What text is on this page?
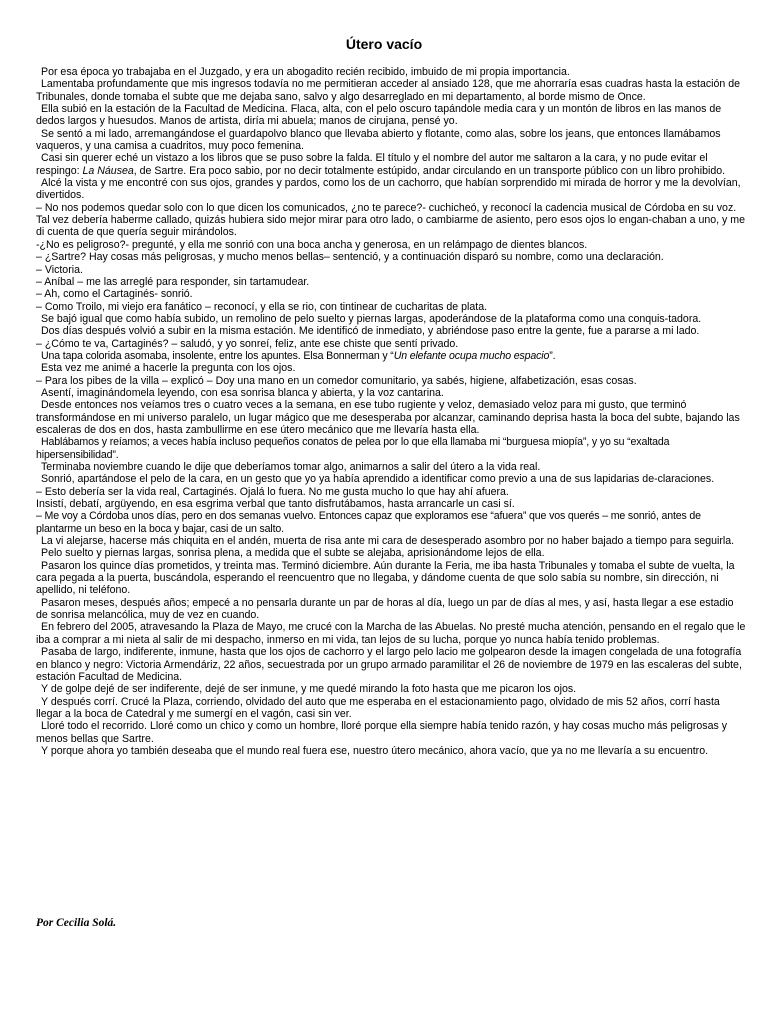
Útero vacío

Por esa época yo trabajaba en el Juzgado, y era un abogadito recién recibido, imbuido de mi propia importancia.

Lamentaba profundamente que mis ingresos todavía no me permitieran acceder al ansiado 128, que me ahorraría esas cuadras hasta la estación de Tribunales, donde tomaba el subte que me dejaba sano, salvo y algo desarreglado en mi departamento, al borde mismo de Once.

Ella subió en la estación de la Facultad de Medicina. Flaca, alta, con el pelo oscuro tapándole media cara y un montón de libros en las manos de dedos largos y huesudos. Manos de artista, diría mi abuela; manos de cirujana, pensé yo.

Se sentó a mi lado, arremangándose el guardapolvo blanco que llevaba abierto y flotante, como alas, sobre los jeans, que entonces llamábamos vaqueros, y una camisa a cuadritos, muy poco femenina.

Casi sin querer eché un vistazo a los libros que se puso sobre la falda. El título y el nombre del autor me saltaron a la cara, y no pude evitar el respingo: La Náusea, de Sartre. Era poco sabio, por no decir totalmente estúpido, andar circulando en un transporte público con un libro prohibido.

Alcé la vista y me encontré con sus ojos, grandes y pardos, como los de un cachorro, que habían sorprendido mi mirada de horror y me la devolvían, divertidos.

– No nos podemos quedar solo con lo que dicen los comunicados, ¿no te parece?- cuchicheó, y reconocí la cadencia musical de Córdoba en su voz.

Tal vez debería haberme callado, quizás hubiera sido mejor mirar para otro lado, o cambiarme de asiento, pero esos ojos lo engan-chaban a uno, y me di cuenta de que quería seguir mirándolos.

-¿No es peligroso?- pregunté, y ella me sonrió con una boca ancha y generosa, en un relámpago de dientes blancos.

– ¿Sartre? Hay cosas más peligrosas, y mucho menos bellas– sentenció, y a continuación disparó su nombre, como una declaración.

– Victoria.

– Aníbal – me las arreglé para responder, sin tartamudear.

– Ah, como el Cartaginés- sonrió.

– Como Troilo, mi viejo era fanático – reconocí, y ella se rio, con tintinear de cucharitas de plata.

Se bajó igual que como había subido, un remolino de pelo suelto y piernas largas, apoderándose de la plataforma como una conquis-tadora.

Dos días después volvió a subir en la misma estación. Me identificó de inmediato, y abriéndose paso entre la gente, fue a pararse a mi lado.

– ¿Cómo te va, Cartaginés? – saludó, y yo sonreí, feliz, ante ese chiste que sentí privado.

Una tapa colorida asomaba, insolente, entre los apuntes. Elsa Bonnerman y “Un elefante ocupa mucho espacio”.

Esta vez me animé a hacerle la pregunta con los ojos.

– Para los pibes de la villa – explicó – Doy una mano en un comedor comunitario, ya sabés, higiene, alfabetización, esas cosas.

Asentí, imaginándomela leyendo, con esa sonrisa blanca y abierta, y la voz cantarina.

Desde entonces nos veíamos tres o cuatro veces a la semana, en ese tubo rugiente y veloz, demasiado veloz para mi gusto, que terminó transformándose en mi universo paralelo, un lugar mágico que me desesperaba por alcanzar, caminando deprisa hasta la boca del subte, bajando las escaleras de dos en dos, hasta zambullirme en ese útero mecánico que me llevaría hasta ella.

Hablábamos y reíamos; a veces había incluso pequeños conatos de pelea por lo que ella llamaba mi “burguesa miopía”, y yo su “exaltada hipersensibilidad”.

Terminaba noviembre cuando le dije que deberíamos tomar algo, animarnos a salir del útero a la vida real.

Sonrió, apartándose el pelo de la cara, en un gesto que yo ya había aprendido a identificar como previo a una de sus lapidarias de-claraciones.

– Esto debería ser la vida real, Cartaginés. Ojalá lo fuera. No me gusta mucho lo que hay ahí afuera.

Insistí, debatí, argüyendo, en esa esgrima verbal que tanto disfrutábamos, hasta arrancarle un casi sí.

– Me voy a Córdoba unos días, pero en dos semanas vuelvo. Entonces capaz que exploramos ese “afuera” que vos querés – me sonrió, antes de plantarme un beso en la boca y bajar, casi de un salto.

La vi alejarse, hacerse más chiquita en el andén, muerta de risa ante mi cara de desesperado asombro por no haber bajado a tiempo para seguirla.

Pelo suelto y piernas largas, sonrisa plena, a medida que el subte se alejaba, aprisionándome lejos de ella.

Pasaron los quince días prometidos, y treinta mas. Terminó diciembre. Aún durante la Feria, me iba hasta Tribunales y tomaba el subte de vuelta, la cara pegada a la puerta, buscándola, esperando el reencuentro que no llegaba, y dándome cuenta de que solo sabía su nombre, sin dirección, ni apellido, ni teléfono.

Pasaron meses, después años; empecé a no pensarla durante un par de horas al día, luego un par de días al mes, y así, hasta llegar a ese estadio de sonrisa melancólica, muy de vez en cuando.

En febrero del 2005, atravesando la Plaza de Mayo, me crucé con la Marcha de las Abuelas. No presté mucha atención, pensando en el regalo que le iba a comprar a mi nieta al salir de mi despacho, inmerso en mi vida, tan lejos de su lucha, porque yo nunca había tenido problemas.

Pasaba de largo, indiferente, inmune, hasta que los ojos de cachorro y el largo pelo lacio me golpearon desde la imagen congelada de una fotografía en blanco y negro: Victoria Armendáriz, 22 años, secuestrada por un grupo armado paramilitar el 26 de noviembre de 1979 en las escaleras del subte, estación Facultad de Medicina.

Y de golpe dejé de ser indiferente, dejé de ser inmune, y me quedé mirando la foto hasta que me picaron los ojos.

Y después corrí. Crucé la Plaza, corriendo, olvidado del auto que me esperaba en el estacionamiento pago, olvidado de mis 52 años, corrí hasta llegar a la boca de Catedral y me sumergí en el vagón, casi sin ver.

Lloré todo el recorrido. Lloré como un chico y como un hombre, lloré porque ella siempre había tenido razón, y hay cosas mucho más peligrosas y menos bellas que Sartre.

Y porque ahora yo también deseaba que el mundo real fuera ese, nuestro útero mecánico, ahora vacío, que ya no me llevaría a su encuentro.

Por Cecilia Solá.
